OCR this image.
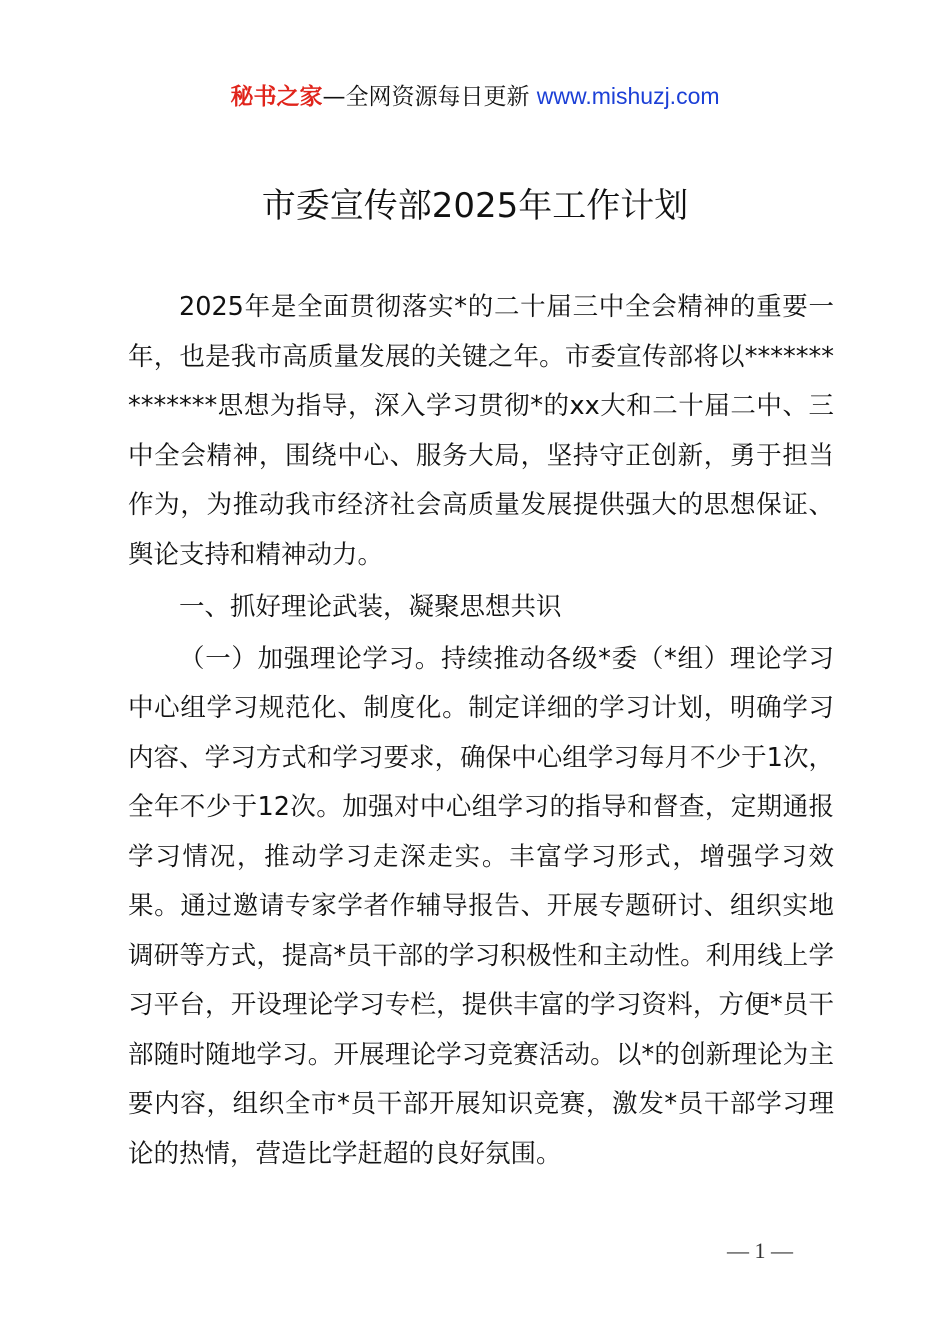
秘书之家—全网资源每日更新 www.mishuzj.com
市委宣传部2025年工作计划

2025年是全面贯彻落实*的二十届三中全会精神的重要一年，也是我市高质量发展的关键之年。市委宣传部将以**************思想为指导，深入学习贯彻*的xx大和二十届二中、三中全会精神，围绕中心、服务大局，坚持守正创新，勇于担当作为，为推动我市经济社会高质量发展提供强大的思想保证、舆论支持和精神动力。

一、抓好理论武装，凝聚思想共识

（一）加强理论学习。持续推动各级*委（*组）理论学习中心组学习规范化、制度化。制定详细的学习计划，明确学习内容、学习方式和学习要求，确保中心组学习每月不少于1次，全年不少于12次。加强对中心组学习的指导和督查，定期通报学习情况，推动学习走深走实。丰富学习形式，增强学习效果。通过邀请专家学者作辅导报告、开展专题研讨、组织实地调研等方式，提高*员干部的学习积极性和主动性。利用线上学习平台，开设理论学习专栏，提供丰富的学习资料，方便*员干部随时随地学习。开展理论学习竞赛活动。以*的创新理论为主要内容，组织全市*员干部开展知识竞赛，激发*员干部学习理论的热情，营造比学赶超的良好氛围。

— 1 —
